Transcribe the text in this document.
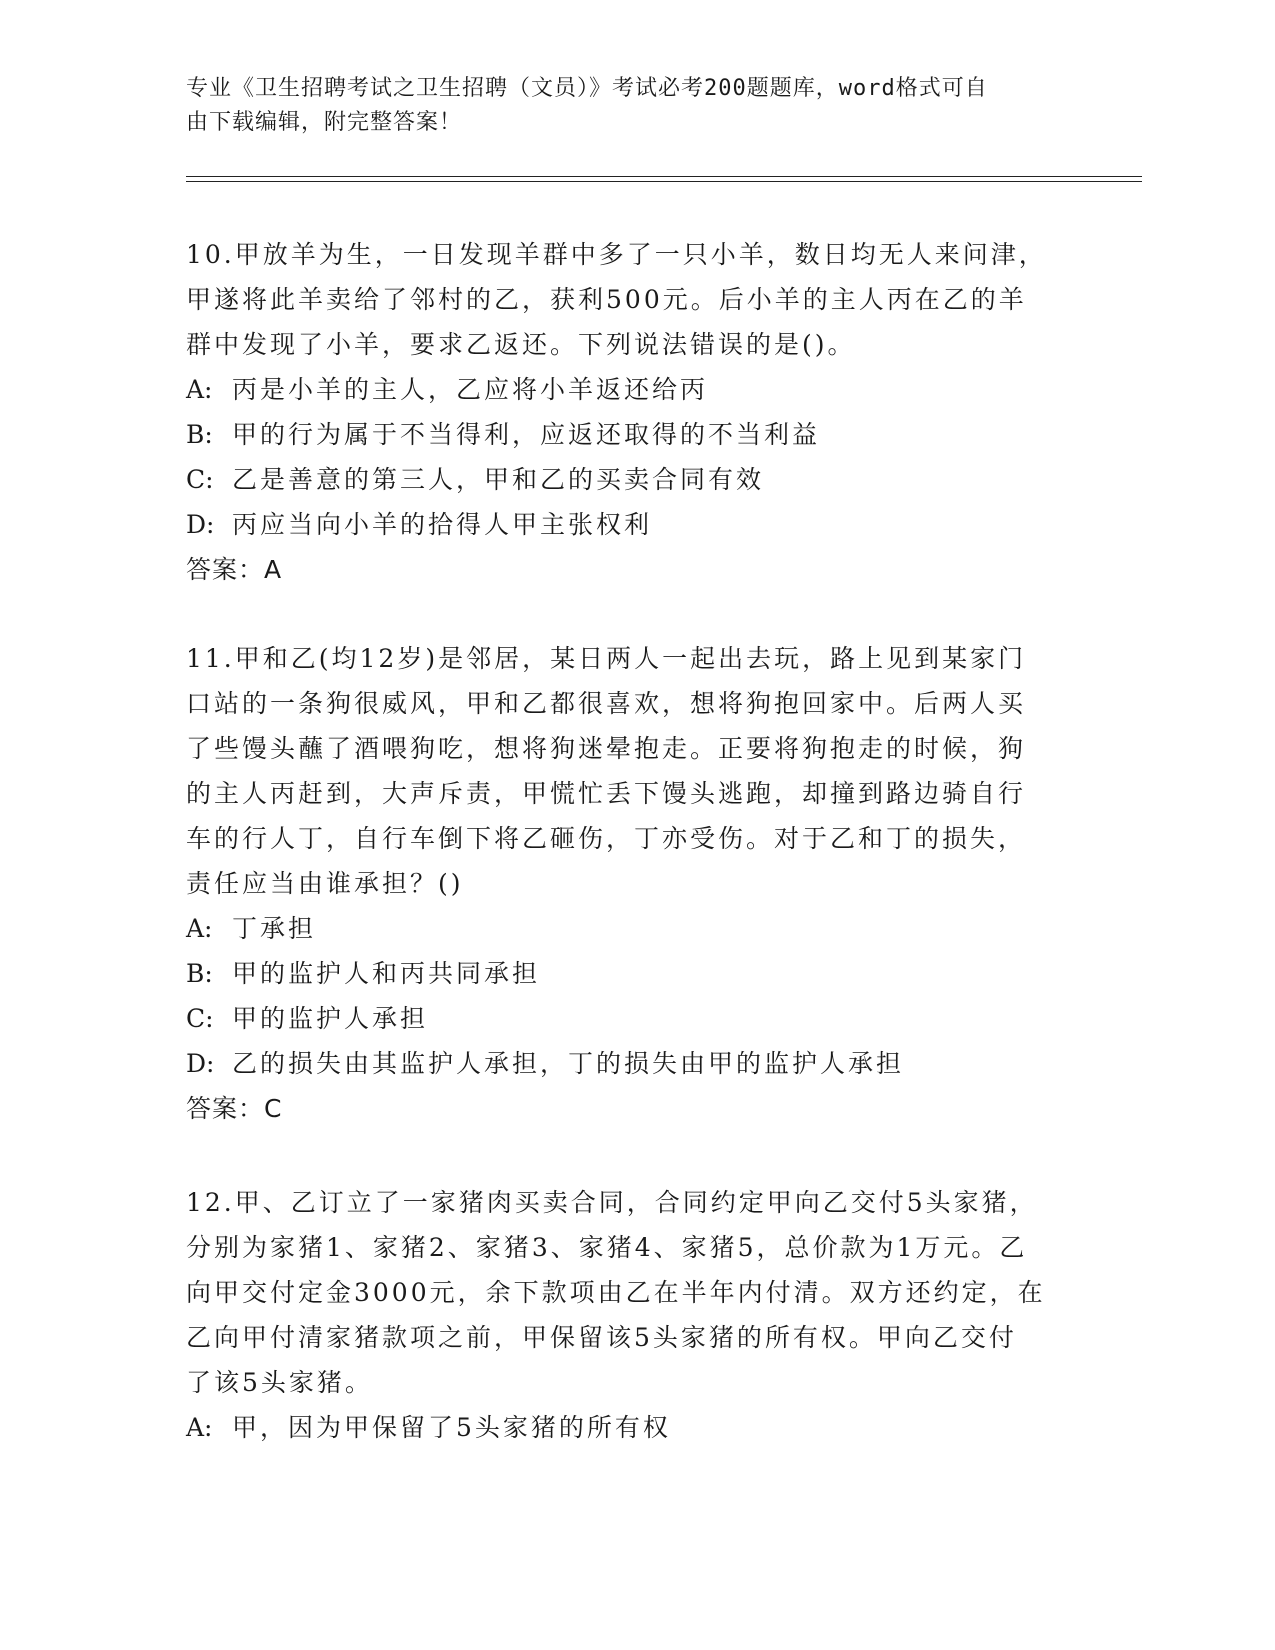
专业《卫生招聘考试之卫生招聘（文员）》考试必考200题题库，word格式可自
由下载编辑，附完整答案！

10.甲放羊为生，一日发现羊群中多了一只小羊，数日均无人来问津，

甲遂将此羊卖给了邻村的乙，获利500元。后小羊的主人丙在乙的羊

群中发现了小羊，要求乙返还。下列说法错误的是()。

A: 丙是小羊的主人，乙应将小羊返还给丙

B: 甲的行为属于不当得利，应返还取得的不当利益

C: 乙是善意的第三人，甲和乙的买卖合同有效

D: 丙应当向小羊的拾得人甲主张权利

答案：A

11.甲和乙(均12岁)是邻居，某日两人一起出去玩，路上见到某家门

口站的一条狗很威风，甲和乙都很喜欢，想将狗抱回家中。后两人买

了些馒头蘸了酒喂狗吃，想将狗迷晕抱走。正要将狗抱走的时候，狗

的主人丙赶到，大声斥责，甲慌忙丢下馒头逃跑，却撞到路边骑自行

车的行人丁，自行车倒下将乙砸伤，丁亦受伤。对于乙和丁的损失，

责任应当由谁承担？()

A: 丁承担

B: 甲的监护人和丙共同承担

C: 甲的监护人承担

D: 乙的损失由其监护人承担，丁的损失由甲的监护人承担

答案：C

12.甲、乙订立了一家猪肉买卖合同，合同约定甲向乙交付5头家猪，

分别为家猪1、家猪2、家猪3、家猪4、家猪5，总价款为1万元。乙

向甲交付定金3000元，余下款项由乙在半年内付清。双方还约定，在

乙向甲付清家猪款项之前，甲保留该5头家猪的所有权。甲向乙交付

了该5头家猪。

A: 甲，因为甲保留了5头家猪的所有权
